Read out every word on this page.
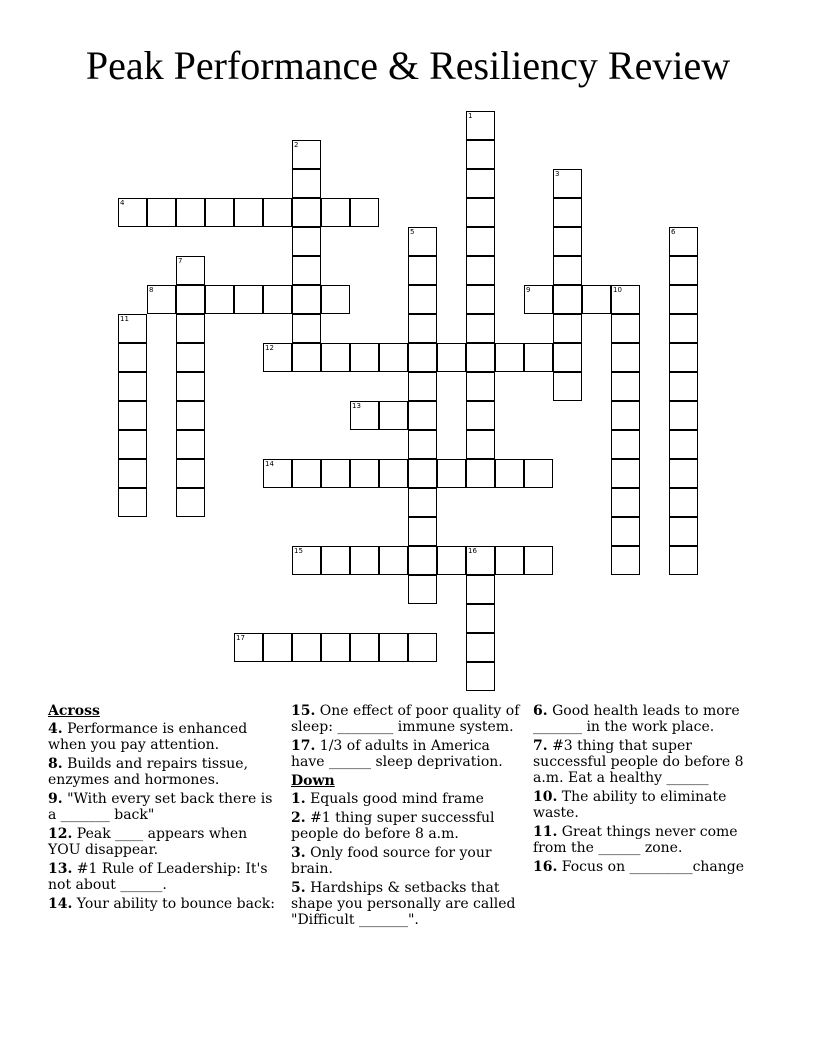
Peak Performance & Resiliency Review
1
2
3
4
5	6
7
8	9	10
11
12
13
14
15	16
17
Across
4. Performance is enhanced when you pay attention.
8. Builds and repairs tissue, enzymes and hormones.
9. "With every set back there is a _______ back"
12. Peak ____ appears when YOU disappear.
13. #1 Rule of Leadership: It's not about ______.
14. Your ability to bounce back:
15. One effect of poor quality of sleep: ________ immune system.
17. 1/3 of adults in America have ______ sleep deprivation.
Down
1. Equals good mind frame
2. #1 thing super successful people do before 8 a.m.
3. Only food source for your brain.
5. Hardships & setbacks that shape you personally are called "Difficult _______".
6. Good health leads to more _______ in the work place.
7. #3 thing that super successful people do before 8 a.m. Eat a healthy ______
10. The ability to eliminate waste.
11. Great things never come from the ______ zone.
16. Focus on _________change
